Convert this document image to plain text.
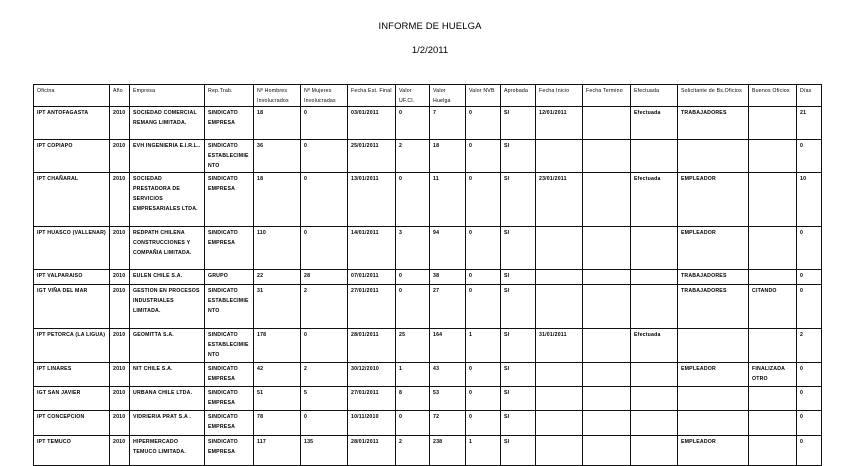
INFORME DE HUELGA
1/2/2011
Oficina	Año	Empresa	Rep.Trab.	Nº Hombres Involucrados	Nº Mujeres Involucradas	Fecha Est. Final	Valor UF.Cl.	Valor Huelga	Valor NVB	Aprobada	Fecha Inicio	Fecha Termino	Efectuada	Solicitante de Bs.Oficios	Buenos Oficios	Días
IPT ANTOFAGASTA	2010	SOCIEDAD COMERCIAL REMANG LIMITADA.	SINDICATO EMPRESA	18	0	03/01/2011	0	7	0	SI	12/01/2011		Efectuada	TRABAJADORES		21
IPT COPIAPO	2010	EVH INGENIERIA E.I.R.L..	SINDICATO ESTABLECIMIENTO	36	0	25/01/2011	2	18	0	SI						0
IPT CHAÑARAL	2010	SOCIEDAD PRESTADORA DE SERVICIOS EMPRESARIALES LTDA.	SINDICATO EMPRESA	18	0	13/01/2011	0	11	0	SI	23/01/2011		Efectuada	EMPLEADOR		10
IPT HUASCO (VALLENAR)	2010	REDPATH CHILENA CONSTRUCCIONES Y COMPAÑIA LIMITADA.	SINDICATO EMPRESA	110	0	14/01/2011	3	94	0	SI				EMPLEADOR		0
IPT VALPARAISO	2010	EULEN CHILE S.A.	GRUPO	22	28	07/01/2011	0	38	0	SI				TRABAJADORES		0
IGT VIÑA DEL MAR	2010	GESTION EN PROCESOS INDUSTRIALES LIMITADA.	SINDICATO ESTABLECIMIENTO	31	2	27/01/2011	0	27	0	SI				TRABAJADORES	CITANDO	0
IPT PETORCA (LA LIGUA)	2010	GEOMITTA S.A.	SINDICATO ESTABLECIMIENTO	178	0	28/01/2011	25	164	1	SI	31/01/2011		Efectuada			2
IPT LINARES	2010	NIT CHILE S.A.	SINDICATO EMPRESA	42	2	30/12/2010	1	43	0	SI				EMPLEADOR	FINALIZADA OTRO	0
IGT SAN JAVIER	2010	URBANA CHILE LTDA.	SINDICATO EMPRESA	51	5	27/01/2011	8	53	0	SI						0
IPT CONCEPCION	2010	VIDRIERIA PRAT S.A .	SINDICATO EMPRESA	78	0	10/11/2010	0	72	0	SI						0
IPT TEMUCO	2010	HIPERMERCADO TEMUCO LIMITADA.	SINDICATO EMPRESA	117	135	28/01/2011	2	238	1	SI				EMPLEADOR		0
